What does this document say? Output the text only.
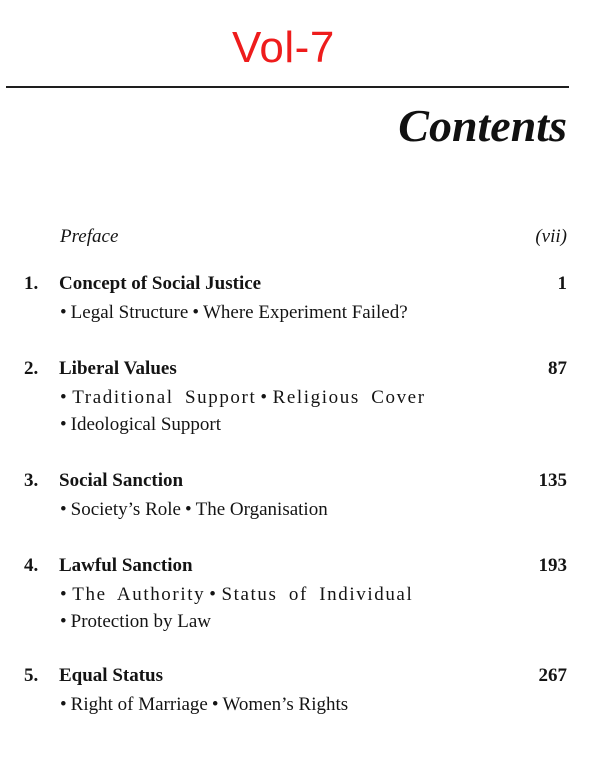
Vol-7
Contents
Preface	(vii)
1. Concept of Social Justice	1
• Legal Structure • Where Experiment Failed?
2. Liberal Values	87
• Traditional Support • Religious Cover
• Ideological Support
3. Social Sanction	135
• Society’s Role • The Organisation
4. Lawful Sanction	193
• The Authority • Status of Individual
• Protection by Law
5. Equal Status	267
• Right of Marriage • Women’s Rights
